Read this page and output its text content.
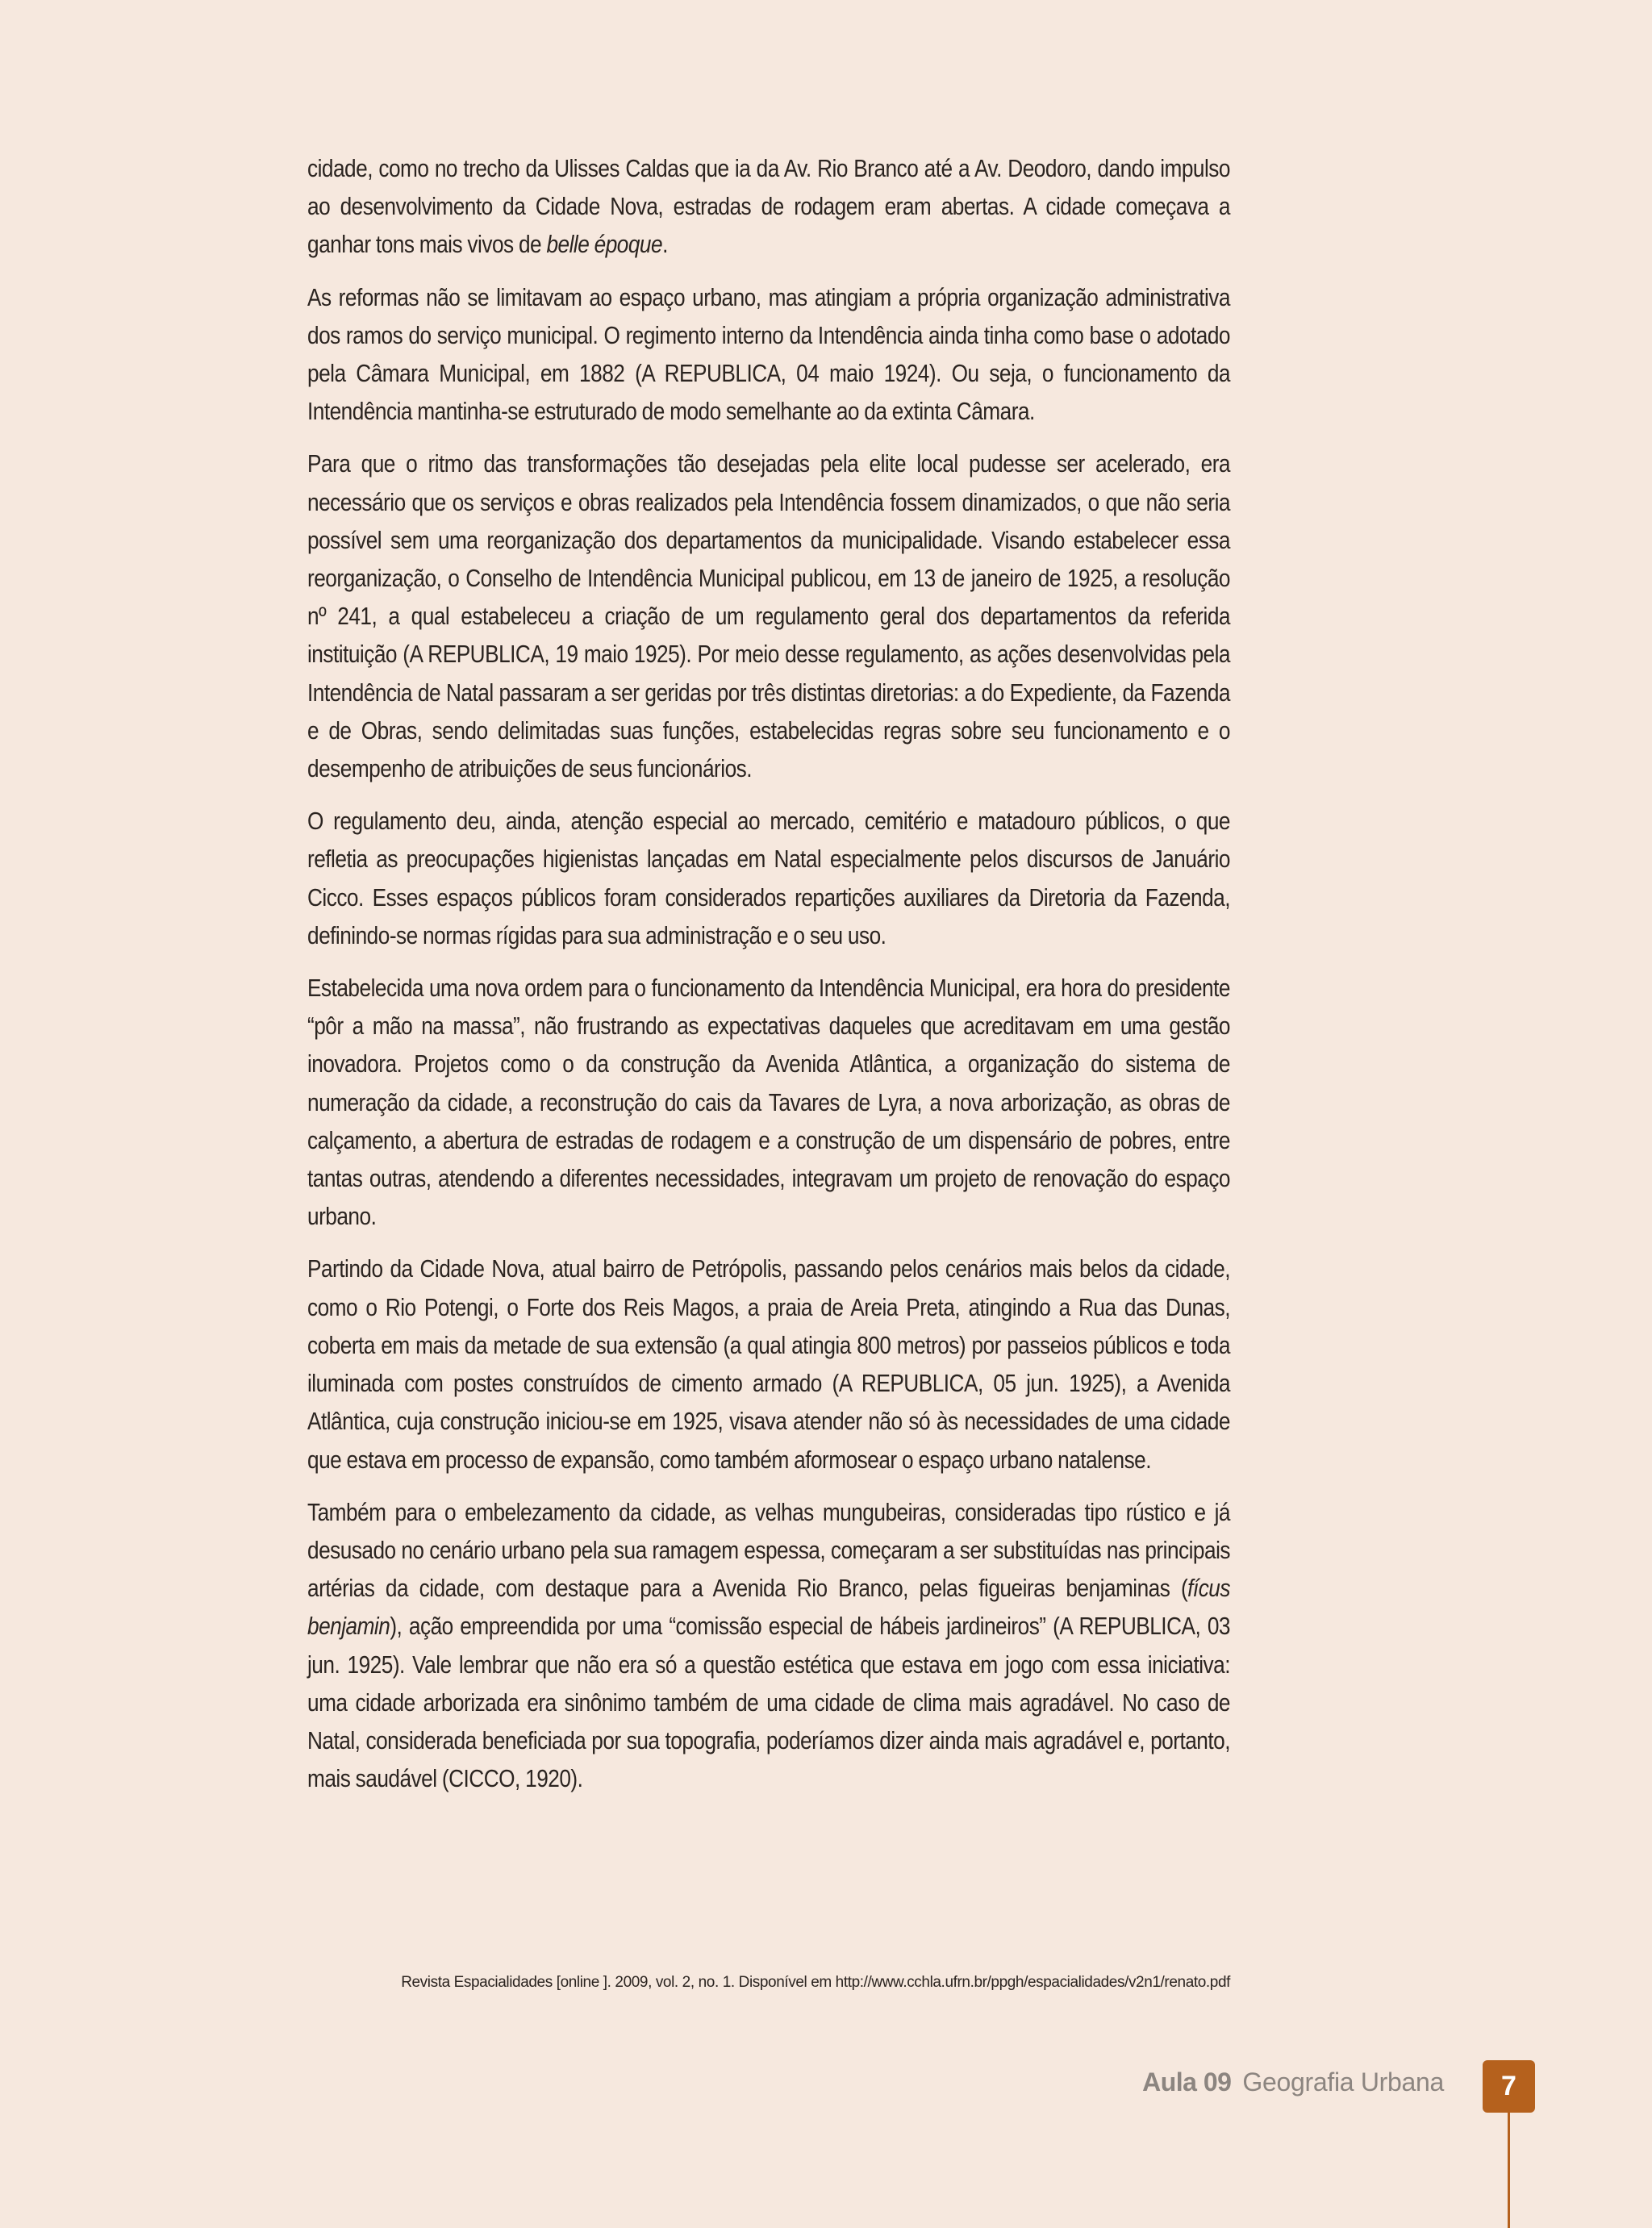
cidade, como no trecho da Ulisses Caldas que ia da Av. Rio Branco até a Av. Deodoro, dando impulso ao desenvolvimento da Cidade Nova, estradas de rodagem eram abertas. A cidade começava a ganhar tons mais vivos de belle époque.

As reformas não se limitavam ao espaço urbano, mas atingiam a própria organização administrativa dos ramos do serviço municipal. O regimento interno da Intendência ainda tinha como base o adotado pela Câmara Municipal, em 1882 (A REPUBLICA, 04 maio 1924). Ou seja, o funcionamento da Intendência mantinha-se estruturado de modo semelhante ao da extinta Câmara.

Para que o ritmo das transformações tão desejadas pela elite local pudesse ser acelerado, era necessário que os serviços e obras realizados pela Intendência fossem dinamizados, o que não seria possível sem uma reorganização dos departamentos da municipalidade. Visando estabelecer essa reorganização, o Conselho de Intendência Municipal publicou, em 13 de janeiro de 1925, a resolução nº 241, a qual estabeleceu a criação de um regulamento geral dos departamentos da referida instituição (A REPUBLICA, 19 maio 1925). Por meio desse regulamento, as ações desenvolvidas pela Intendência de Natal passaram a ser geridas por três distintas diretorias: a do Expediente, da Fazenda e de Obras, sendo delimitadas suas funções, estabelecidas regras sobre seu funcionamento e o desempenho de atribuições de seus funcionários.

O regulamento deu, ainda, atenção especial ao mercado, cemitério e matadouro públicos, o que refletia as preocupações higienistas lançadas em Natal especialmente pelos discursos de Januário Cicco. Esses espaços públicos foram considerados repartições auxiliares da Diretoria da Fazenda, definindo-se normas rígidas para sua administração e o seu uso.

Estabelecida uma nova ordem para o funcionamento da Intendência Municipal, era hora do presidente “pôr a mão na massa”, não frustrando as expectativas daqueles que acreditavam em uma gestão inovadora. Projetos como o da construção da Avenida Atlântica, a organização do sistema de numeração da cidade, a reconstrução do cais da Tavares de Lyra, a nova arborização, as obras de calçamento, a abertura de estradas de rodagem e a construção de um dispensário de pobres, entre tantas outras, atendendo a diferentes necessidades, integravam um projeto de renovação do espaço urbano.

Partindo da Cidade Nova, atual bairro de Petrópolis, passando pelos cenários mais belos da cidade, como o Rio Potengi, o Forte dos Reis Magos, a praia de Areia Preta, atingindo a Rua das Dunas, coberta em mais da metade de sua extensão (a qual atingia 800 metros) por passeios públicos e toda iluminada com postes construídos de cimento armado (A REPUBLICA, 05 jun. 1925), a Avenida Atlântica, cuja construção iniciou-se em 1925, visava atender não só às necessidades de uma cidade que estava em processo de expansão, como também aformosear o espaço urbano natalense.

Também para o embelezamento da cidade, as velhas mungubeiras, consideradas tipo rústico e já desusado no cenário urbano pela sua ramagem espessa, começaram a ser substituídas nas principais artérias da cidade, com destaque para a Avenida Rio Branco, pelas figueiras benjaminas (fícus benjamin), ação empreendida por uma “comissão especial de hábeis jardineiros” (A REPUBLICA, 03 jun. 1925). Vale lembrar que não era só a questão estética que estava em jogo com essa iniciativa: uma cidade arborizada era sinônimo também de uma cidade de clima mais agradável. No caso de Natal, considerada beneficiada por sua topografia, poderíamos dizer ainda mais agradável e, portanto, mais saudável (CICCO, 1920).

Revista Espacialidades [online ]. 2009, vol. 2, no. 1. Disponível em http://www.cchla.ufrn.br/ppgh/espacialidades/v2n1/renato.pdf
Aula 09 Geografia Urbana	7
